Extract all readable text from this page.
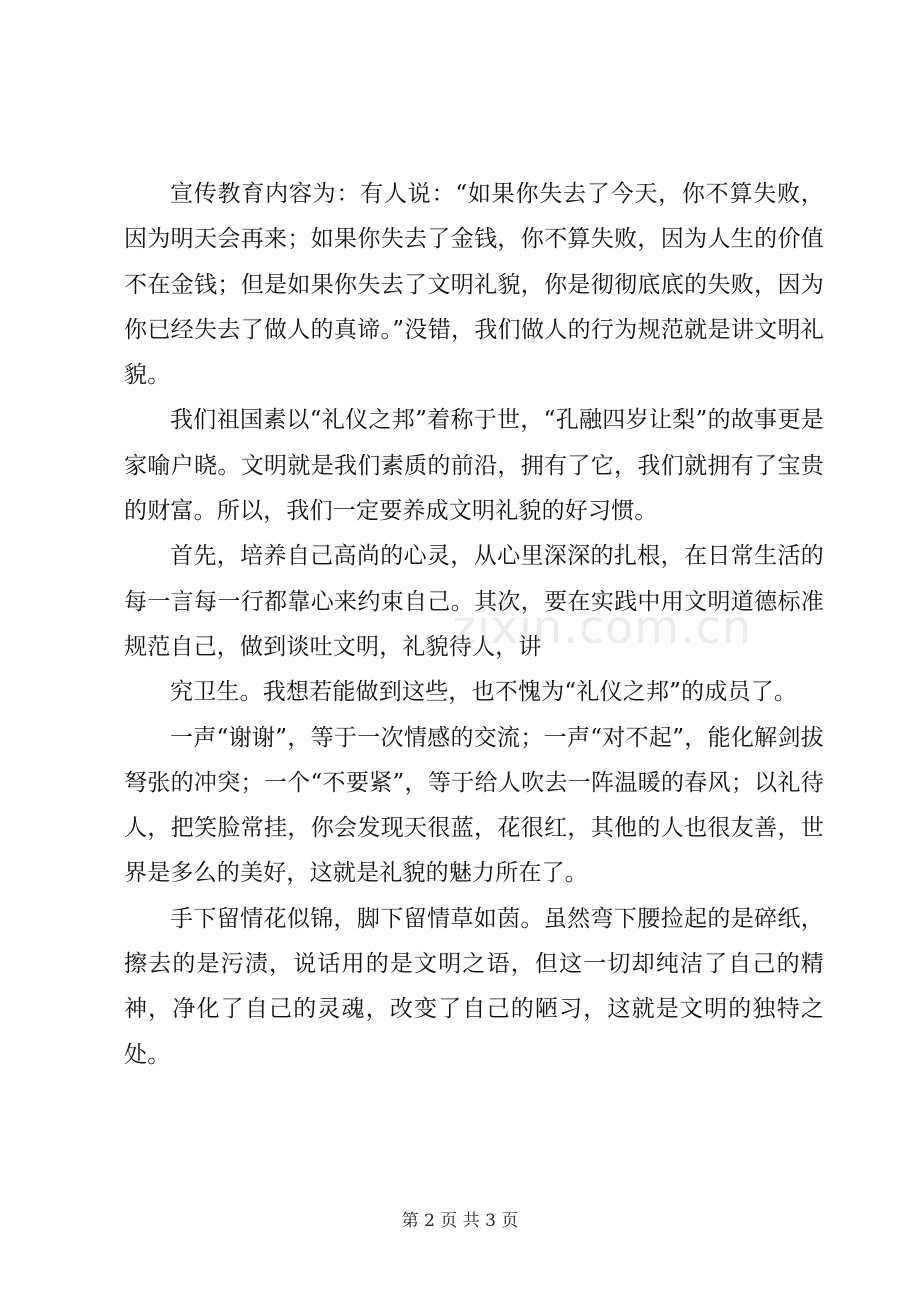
宣传教育内容为：有人说：“如果你失去了今天，你不算失败，因为明天会再来；如果你失去了金钱，你不算失败，因为人生的价值不在金钱；但是如果你失去了文明礼貌，你是彻彻底底的失败，因为你已经失去了做人的真谛。”没错，我们做人的行为规范就是讲文明礼貌。

我们祖国素以“礼仪之邦”着称于世，“孔融四岁让梨”的故事更是家喻户晓。文明就是我们素质的前沿，拥有了它，我们就拥有了宝贵的财富。所以，我们一定要养成文明礼貌的好习惯。

首先，培养自己高尚的心灵，从心里深深的扎根，在日常生活的每一言每一行都靠心来约束自己。其次，要在实践中用文明道德标准规范自己，做到谈吐文明，礼貌待人，讲

究卫生。我想若能做到这些，也不愧为“礼仪之邦”的成员了。

一声“谢谢”，等于一次情感的交流；一声“对不起”，能化解剑拔弩张的冲突；一个“不要紧”，等于给人吹去一阵温暖的春风；以礼待人，把笑脸常挂，你会发现天很蓝，花很红，其他的人也很友善，世界是多么的美好，这就是礼貌的魅力所在了。

手下留情花似锦，脚下留情草如茵。虽然弯下腰捡起的是碎纸，擦去的是污渍，说话用的是文明之语，但这一切却纯洁了自己的精神，净化了自己的灵魂，改变了自己的陋习，这就是文明的独特之处。

zixin.com.cn
第 2 页 共 3 页
